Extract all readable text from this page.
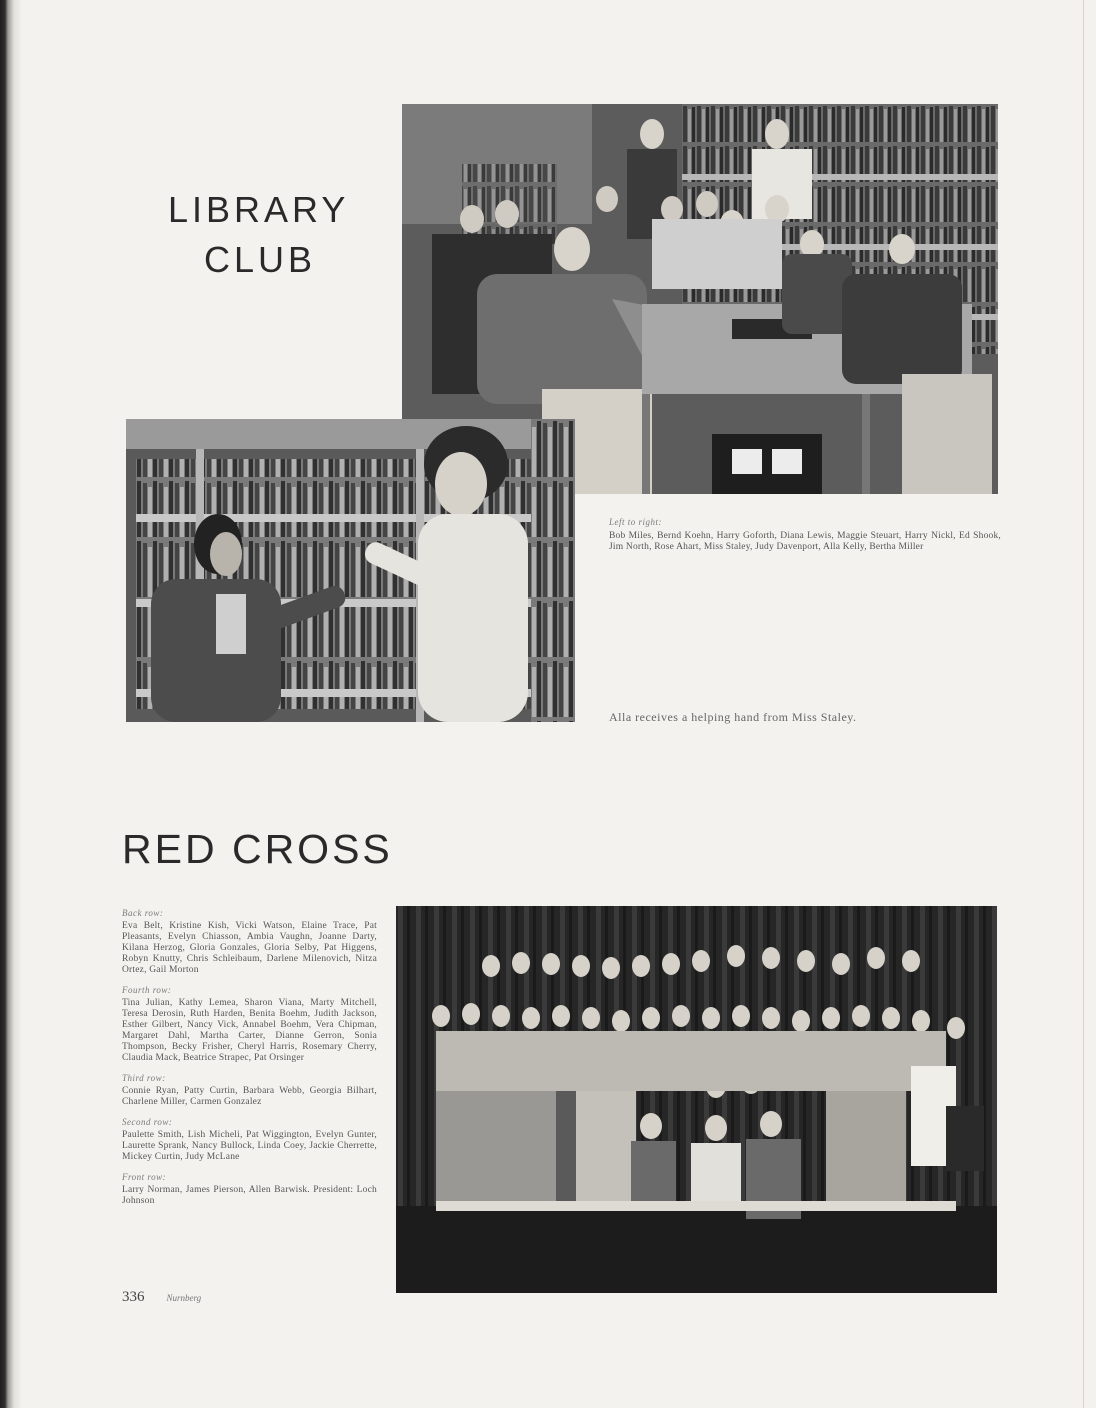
LIBRARY
CLUB
Left to right:
Bob Miles, Bernd Koehn, Harry Goforth, Diana Lewis, Maggie Steuart, Harry Nickl, Ed Shook, Jim North, Rose Ahart, Miss Staley, Judy Davenport, Alla Kelly, Bertha Miller

Alla receives a helping hand from Miss Staley.

RED CROSS
Back row:
Eva Belt, Kristine Kish, Vicki Watson, Elaine Trace, Pat Pleasants, Evelyn Chiasson, Ambia Vaughn, Joanne Darty, Kilana Herzog, Gloria Gonzales, Gloria Selby, Pat Higgens, Robyn Knutty, Chris Schleibaum, Darlene Milenovich, Nitza Ortez, Gail Morton
Fourth row:
Tina Julian, Kathy Lemea, Sharon Viana, Marty Mitchell, Teresa Derosin, Ruth Harden, Benita Boehm, Judith Jackson, Esther Gilbert, Nancy Vick, Annabel Boehm, Vera Chipman, Margaret Dahl, Martha Carter, Dianne Gerron, Sonia Thompson, Becky Frisher, Cheryl Harris, Rosemary Cherry, Claudia Mack, Beatrice Strapec, Pat Orsinger
Third row:
Connie Ryan, Patty Curtin, Barbara Webb, Georgia Bilhart, Charlene Miller, Carmen Gonzalez
Second row:
Paulette Smith, Lish Micheli, Pat Wiggington, Evelyn Gunter, Laurette Sprank, Nancy Bullock, Linda Coey, Jackie Cherrette, Mickey Curtin, Judy McLane
Front row:
Larry Norman, James Pierson, Allen Barwisk. President: Loch Johnson
336 Nurnberg
